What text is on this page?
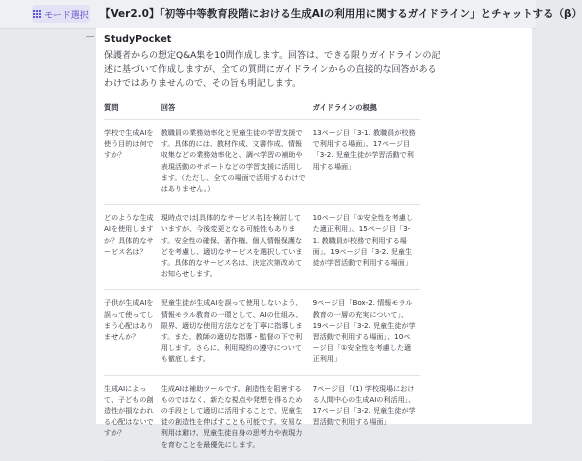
モード選択 【Ver2.0】「初等中等教育段階における生成AIの利用用に関するガイドライン」とチャットする（β）
StudyPocket
保護者からの想定Q&A集を10問作成します。回答は、できる限りガイドラインの記述に基づいて作成しますが、全ての質問にガイドラインからの直接的な回答があるわけではありませんので、その旨も明記します。
質問	回答	ガイドラインの根拠
学校で生成AIを使う目的は何ですか？	教職員の業務効率化と児童生徒の学習支援です。具体的には、教材作成、文書作成、情報収集などの業務効率化と、調べ学習の補助や表現活動のサポートなどの学習支援に活用します。（ただし、全ての場面で活用するわけではありません。）	13ページ目「3-1. 教職員が校務で利用する場面」、17ページ目「3-2. 児童生徒が学習活動で利用する場面」
どのような生成AIを使用しますか？具体的なサービス名は？	現時点では[具体的なサービス名]を検討していますが、今後変更となる可能性もあります。安全性の確保、著作権、個人情報保護などを考慮し、適切なサービスを選択しています。具体的なサービス名は、決定次第改めてお知らせします。	10ページ目「①安全性を考慮した適正利用」、15ページ目「3-1. 教職員が校務で利用する場面」、19ページ目「3-2. 児童生徒が学習活動で利用する場面」
子供が生成AIを誤って使ってしまう心配はありませんか？	児童生徒が生成AIを誤って使用しないよう、情報モラル教育の一環として、AIの仕組み、限界、適切な使用方法などを丁寧に指導します。また、教師の適切な指導・監督の下で利用します。さらに、利用規約の遵守についても徹底します。	9ページ目「Box-2. 情報モラル教育の一層の充実について」、19ページ目「3-2. 児童生徒が学習活動で利用する場面」、10ページ目「①安全性を考慮した適正利用」
生成AIによって、子どもの創造性が損なわれる心配はないですか？	生成AIは補助ツールです。創造性を阻害するものではなく、新たな視点や発想を得るための手段として適切に活用することで、児童生徒の創造性を伸ばすことも可能です。安易な利用は避け、児童生徒自身の思考力や表現力を育むことを最優先にします。	7ページ目「(1) 学校現場における人間中心の生成AIの利活用」、17ページ目「3-2. 児童生徒が学習活動で利用する場面」
